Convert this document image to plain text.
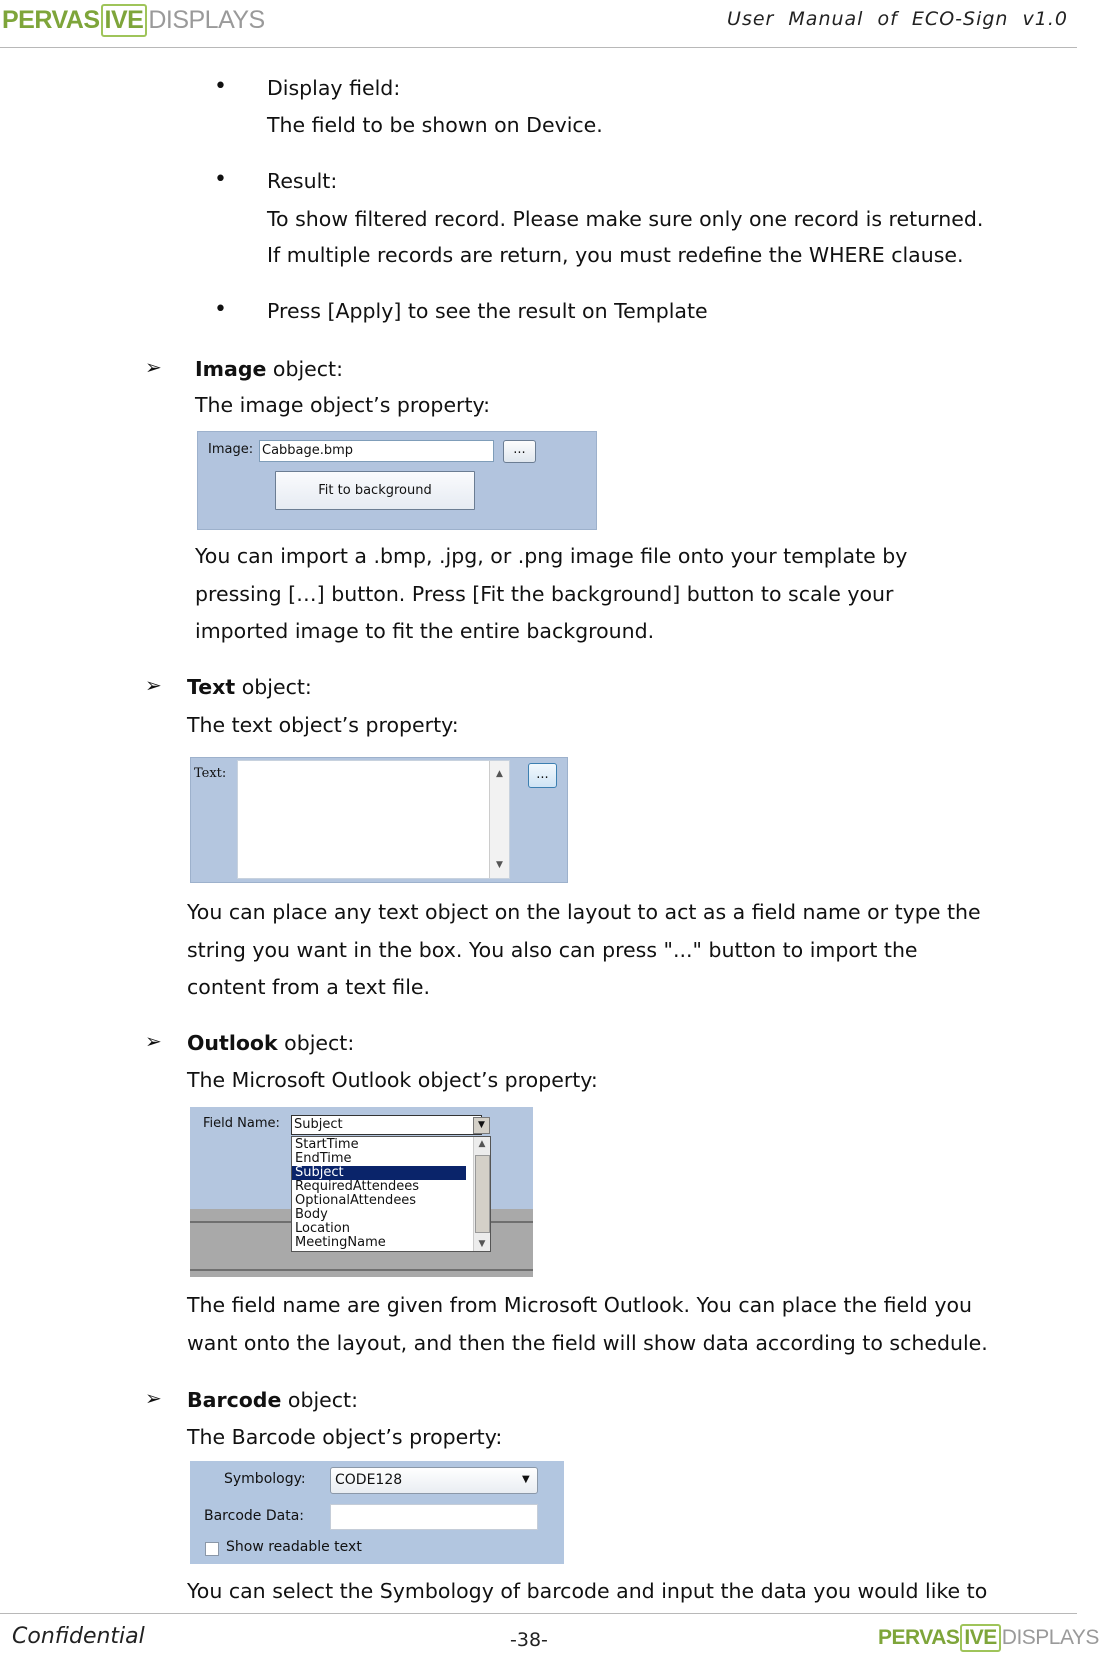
PERVAS IVE DISPLAYS	User  Manual  of  ECO-Sign  v1.0
• Display field:
The field to be shown on Device.
• Result:
To show filtered record. Please make sure only one record is returned.
If multiple records are return, you must redefine the WHERE clause.
• Press [Apply] to see the result on Template
➢ Image object:
The image object’s property:
Image: Cabbage.bmp	...
Fit to background
You can import a .bmp, .jpg, or .png image file onto your template by
pressing […] button. Press [Fit the background] button to scale your
imported image to fit the entire background.
➢ Text object:
The text object’s property:
Text:	▲
▼
...
You can place any text object on the layout to act as a field name or type the
string you want in the box. You also can press "..." button to import the
content from a text file.
➢ Outlook object:
The Microsoft Outlook object’s property:
Field Name: Subject	▼
StartTime
EndTime
Subject
RequiredAttendees
OptionalAttendees
Body
Location
MeetingName
▲
▼
The field name are given from Microsoft Outlook. You can place the field you
want onto the layout, and then the field will show data according to schedule.
➢ Barcode object:
The Barcode object’s property:
Symbology:	CODE128	▼
Barcode Data:
Show readable text
You can select the Symbology of barcode and input the data you would like to
Confidential	-38-	PERVAS IVE DISPLAYS
